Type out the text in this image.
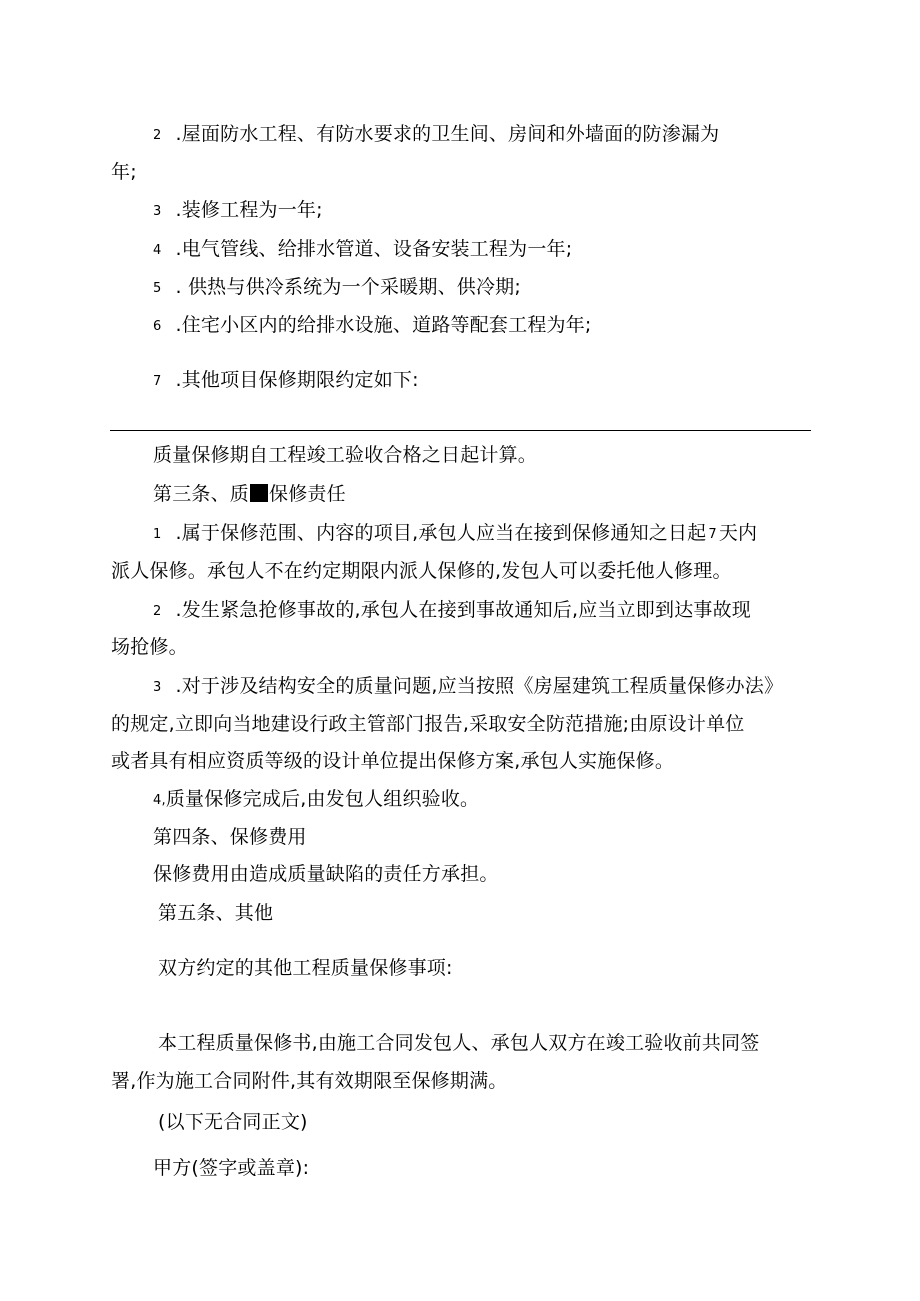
2 .屋面防水工程、有防水要求的卫生间、房间和外墙面的防渗漏为
年;
3 .装修工程为一年;
4 .电气管线、给排水管道、设备安装工程为一年;
5 . 供热与供冷系统为一个采暖期、供冷期;
6 .住宅小区内的给排水设施、道路等配套工程为年;
7 .其他项目保修期限约定如下:
质量保修期自工程竣工验收合格之日起计算。
第三条、质 保修责任
1 .属于保修范围、内容的项目,承包人应当在接到保修通知之日起 7 天内
派人保修。承包人不在约定期限内派人保修的,发包人可以委托他人修理。
2 .发生紧急抢修事故的,承包人在接到事故通知后,应当立即到达事故现
场抢修。
3 .对于涉及结构安全的质量问题,应当按照《房屋建筑工程质量保修办法》
的规定,立即向当地建设行政主管部门报告,采取安全防范措施;由原设计单位
或者具有相应资质等级的设计单位提出保修方案,承包人实施保修。
4,质量保修完成后,由发包人组织验收。
第四条、保修费用
保修费用由造成质量缺陷的责任方承担。
第五条、其他
双方约定的其他工程质量保修事项:
本工程质量保修书,由施工合同发包人、承包人双方在竣工验收前共同签
署,作为施工合同附件,其有效期限至保修期满。
(以下无合同正文)
甲方(签字或盖章):
